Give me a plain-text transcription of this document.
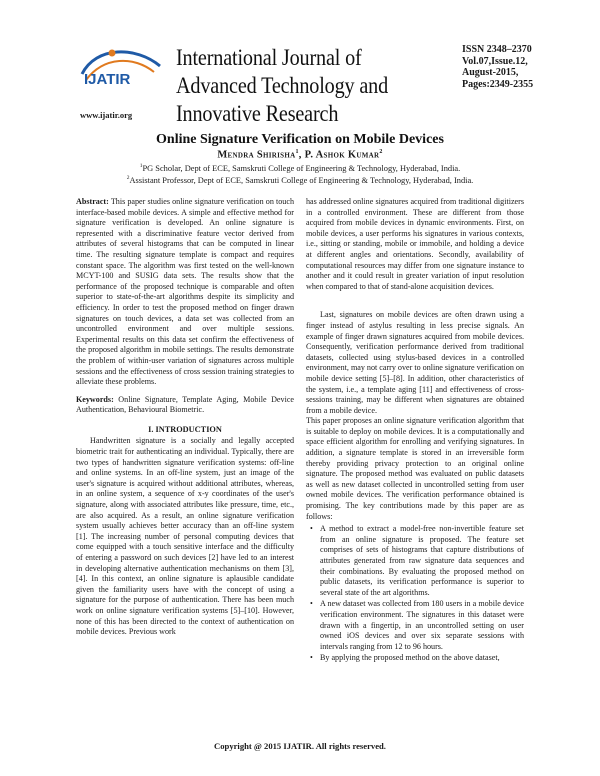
IJATIR
www.ijatir.org
International Journal of
Advanced Technology and Innovative Research
ISSN 2348–2370
Vol.07,Issue.12,
August-2015,
Pages:2349-2355
Online Signature Verification on Mobile Devices
Mendra Shirisha$^1$, P. Ashok Kumar$^2$
$^1$PG Scholar, Dept of ECE, Samskruti College of Engineering & Technology, Hyderabad, India.
$^2$Assistant Professor, Dept of ECE, Samskruti College of Engineering & Technology, Hyderabad, India.

Abstract: This paper studies online signature verification on touch interface-based mobile devices. A simple and effective method for signature verification is developed. An online signature is represented with a discriminative feature vector derived from attributes of several histograms that can be computed in linear time. The resulting signature template is compact and requires constant space. The algorithm was first tested on the well-known MCYT-100 and SUSIG data sets. The results show that the performance of the proposed technique is comparable and often superior to state-of-the-art algorithms despite its simplicity and efficiency. In order to test the proposed method on finger drawn signatures on touch devices, a data set was collected from an uncontrolled environment and over multiple sessions. Experimental results on this data set confirm the effectiveness of the proposed algorithm in mobile settings. The results demonstrate the problem of within-user variation of signatures across multiple sessions and the effectiveness of cross session training strategies to alleviate these problems.

Keywords: Online Signature, Template Aging, Mobile Device Authentication, Behavioural Biometric.

I. INTRODUCTION

Handwritten signature is a socially and legally accepted biometric trait for authenticating an individual. Typically, there are two types of handwritten signature verification systems: off-line and online systems. In an off-line system, just an image of the user's signature is acquired without additional attributes, whereas, in an online system, a sequence of x-y coordinates of the user's signature, along with associated attributes like pressure, time, etc., are also acquired. As a result, an online signature verification system usually achieves better accuracy than an off-line system [1]. The increasing number of personal computing devices that come equipped with a touch sensitive interface and the difficulty of entering a password on such devices [2] have led to an interest in developing alternative authentication mechanisms on them [3], [4]. In this context, an online signature is aplausible candidate given the familiarity users have with the concept of using a signature for the purpose of authentication. There has been much work on online signature verification systems [5]–[10]. However, none of this has been directed to the context of authentication on mobile devices. Previous work

has addressed online signatures acquired from traditional digitizers in a controlled environment. These are different from those acquired from mobile devices in dynamic environments. First, on mobile devices, a user performs his signatures in various contexts, i.e., sitting or standing, mobile or immobile, and holding a device at different angles and orientations. Secondly, availability of computational resources may differ from one signature instance to another and it could result in greater variation of input resolution when compared to that of stand-alone acquisition devices.

Last, signatures on mobile devices are often drawn using a finger instead of astylus resulting in less precise signals. An example of finger drawn signatures acquired from mobile devices. Consequently, verification performance derived from traditional datasets, collected using stylus-based devices in a controlled environment, may not carry over to online signature verification on mobile device setting [5]–[8]. In addition, other characteristics of the system, i.e., a template aging [11] and effectiveness of cross-sessions training, may be different when signatures are obtained from a mobile device.

This paper proposes an online signature verification algorithm that is suitable to deploy on mobile devices. It is a computationally and space efficient algorithm for enrolling and verifying signatures. In addition, a signature template is stored in an irreversible form thereby providing privacy protection to an original online signature. The proposed method was evaluated on public datasets as well as new dataset collected in uncontrolled setting from user owned mobile devices. The verification performance obtained is promising. The key contributions made by this paper are as follows:

• A method to extract a model-free non-invertible feature set from an online signature is proposed. The feature set comprises of sets of histograms that capture distributions of attributes generated from raw signature data sequences and their combinations. By evaluating the proposed method on public datasets, its verification performance is superior to several state of the art algorithms.
• A new dataset was collected from 180 users in a mobile device verification environment. The signatures in this dataset were drawn with a fingertip, in an uncontrolled setting on user owned iOS devices and over six separate sessions with intervals ranging from 12 to 96 hours.
• By applying the proposed method on the above dataset,
Copyright @ 2015 IJATIR. All rights reserved.
